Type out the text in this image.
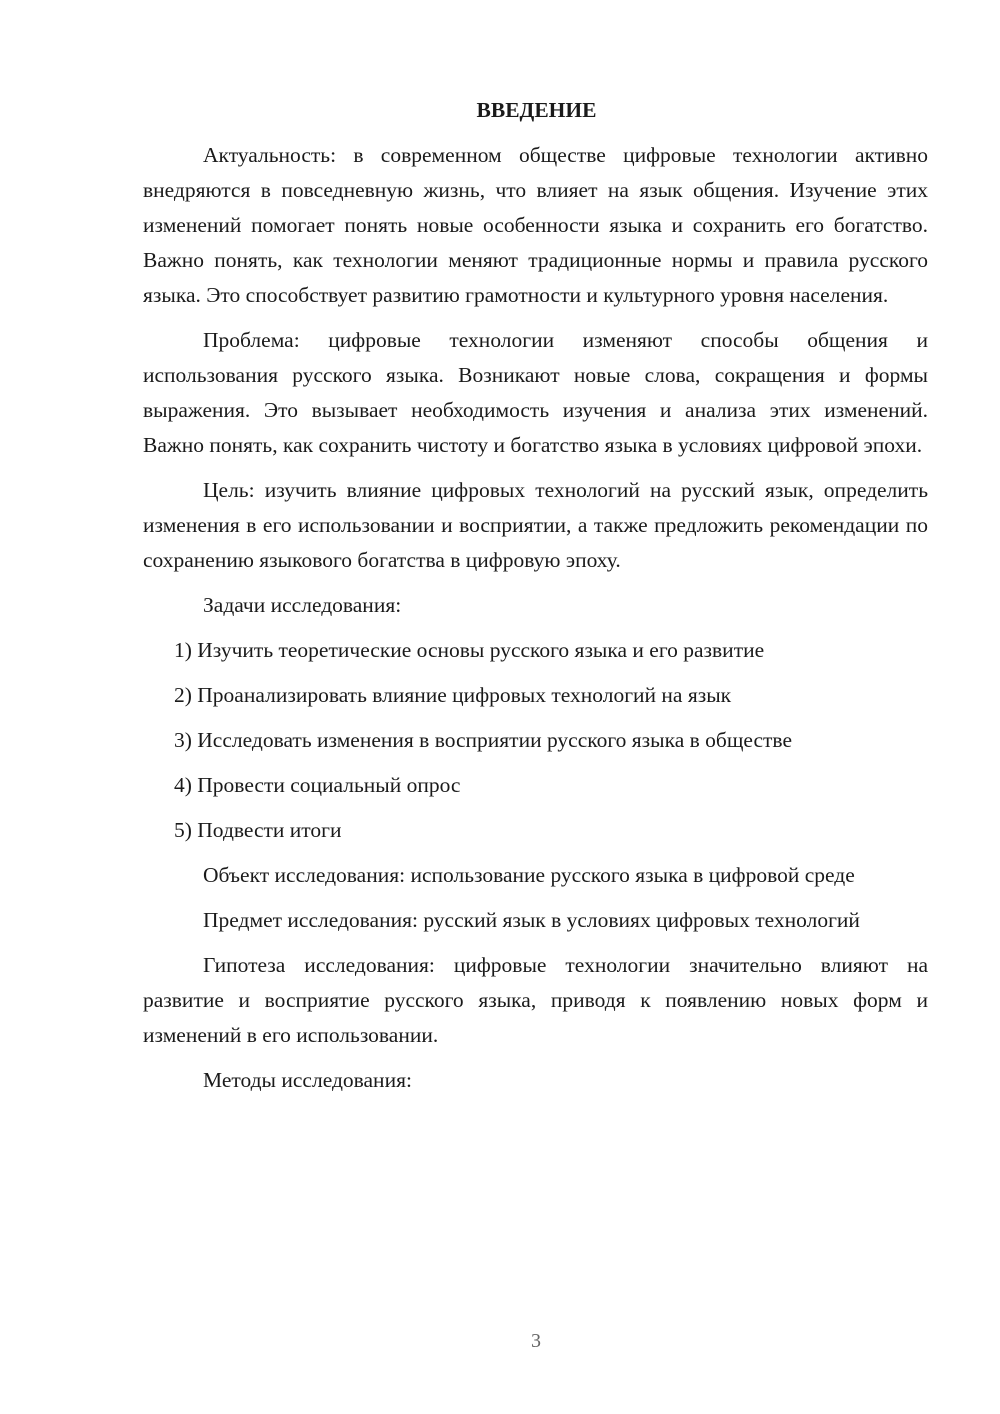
ВВЕДЕНИЕ

Актуальность: в современном обществе цифровые технологии активно внедряются в повседневную жизнь, что влияет на язык общения. Изучение этих изменений помогает понять новые особенности языка и сохранить его богатство. Важно понять, как технологии меняют традиционные нормы и правила русского языка. Это способствует развитию грамотности и культурного уровня населения.

Проблема: цифровые технологии изменяют способы общения и использования русского языка. Возникают новые слова, сокращения и формы выражения. Это вызывает необходимость изучения и анализа этих изменений. Важно понять, как сохранить чистоту и богатство языка в условиях цифровой эпохи.

Цель: изучить влияние цифровых технологий на русский язык, определить изменения в его использовании и восприятии, а также предложить рекомендации по сохранению языкового богатства в цифровую эпоху.

Задачи исследования:

1) Изучить теоретические основы русского языка и его развитие

2) Проанализировать влияние цифровых технологий на язык

3) Исследовать изменения в восприятии русского языка в обществе

4) Провести социальный опрос

5) Подвести итоги

Объект исследования: использование русского языка в цифровой среде

Предмет исследования: русский язык в условиях цифровых технологий

Гипотеза исследования: цифровые технологии значительно влияют на развитие и восприятие русского языка, приводя к появлению новых форм и изменений в его использовании.

Методы исследования:

3
